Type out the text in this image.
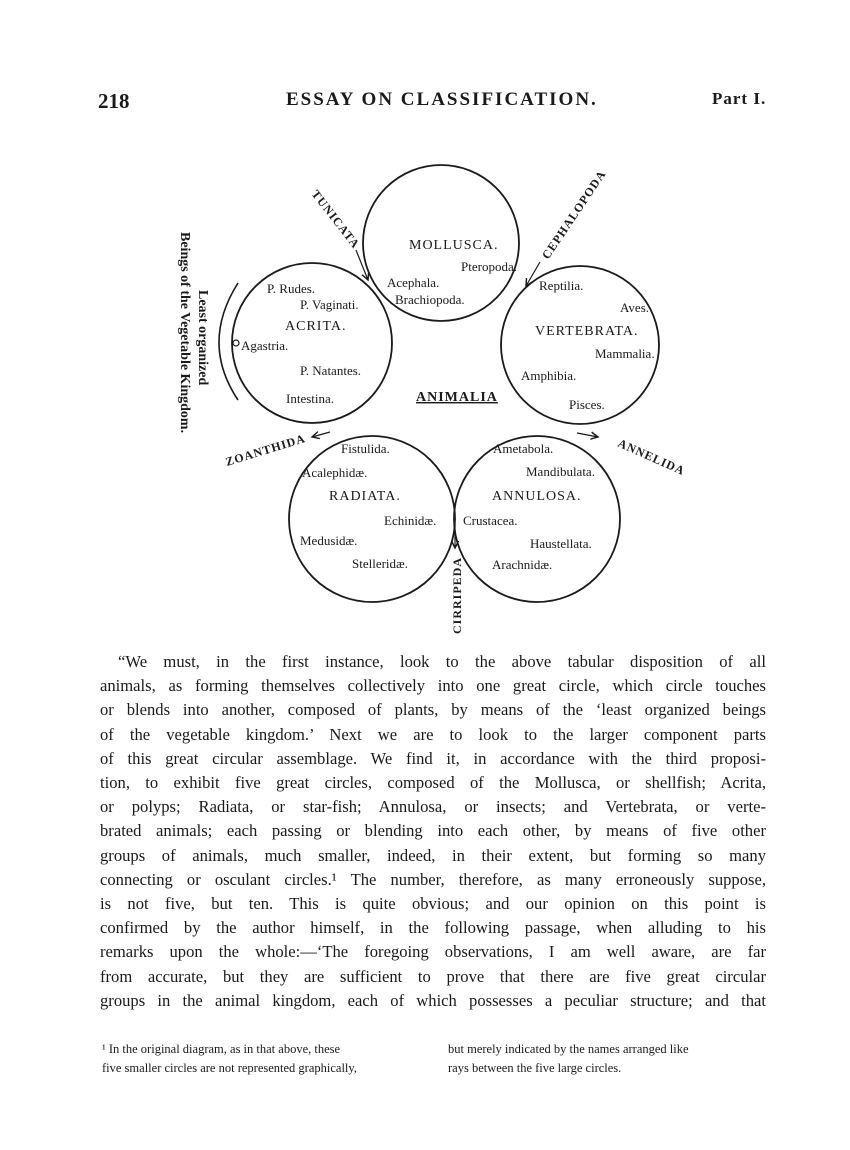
218	ESSAY ON CLASSIFICATION.	Part I.
ANIMALIA
MOLLUSCA.
Pteropoda.
Acephala.
Brachiopoda.
P. Rudes.
P. Vaginati.
ACRITA.
Agastria.
P. Natantes.
Intestina.
Reptilia.
Aves.
VERTEBRATA.
Mammalia.
Amphibia.
Pisces.
Fistulida.
Acalephidæ.
RADIATA.
Echinidæ.
Medusidæ.
Stelleridæ.
Ametabola.
Mandibulata.
ANNULOSA.
Crustacea.
Haustellata.
Arachnidæ.
TUNICATA	CEPHALOPODA
ANNELIDA
CIRRIPEDA
ZOANTHIDA
Beings of the Vegetable Kingdom. Least organized
“We must, in the first instance, look to the above tabular disposition of all
animals, as forming themselves collectively into one great circle, which circle touches
or blends into another, composed of plants, by means of the ‘least organized beings
of the vegetable kingdom.’ Next we are to look to the larger component parts
of this great circular assemblage. We find it, in accordance with the third proposi-
tion, to exhibit five great circles, composed of the Mollusca, or shellfish; Acrita,
or polyps; Radiata, or star-fish; Annulosa, or insects; and Vertebrata, or verte-
brated animals; each passing or blending into each other, by means of five other
groups of animals, much smaller, indeed, in their extent, but forming so many
connecting or osculant circles.¹ The number, therefore, as many erroneously suppose,
is not five, but ten. This is quite obvious; and our opinion on this point is
confirmed by the author himself, in the following passage, when alluding to his
remarks upon the whole:—‘The foregoing observations, I am well aware, are far
from accurate, but they are sufficient to prove that there are five great circular
groups in the animal kingdom, each of which possesses a peculiar structure; and that
¹ In the original diagram, as in that above, these
five smaller circles are not represented graphically,
but merely indicated by the names arranged like
rays between the five large circles.
